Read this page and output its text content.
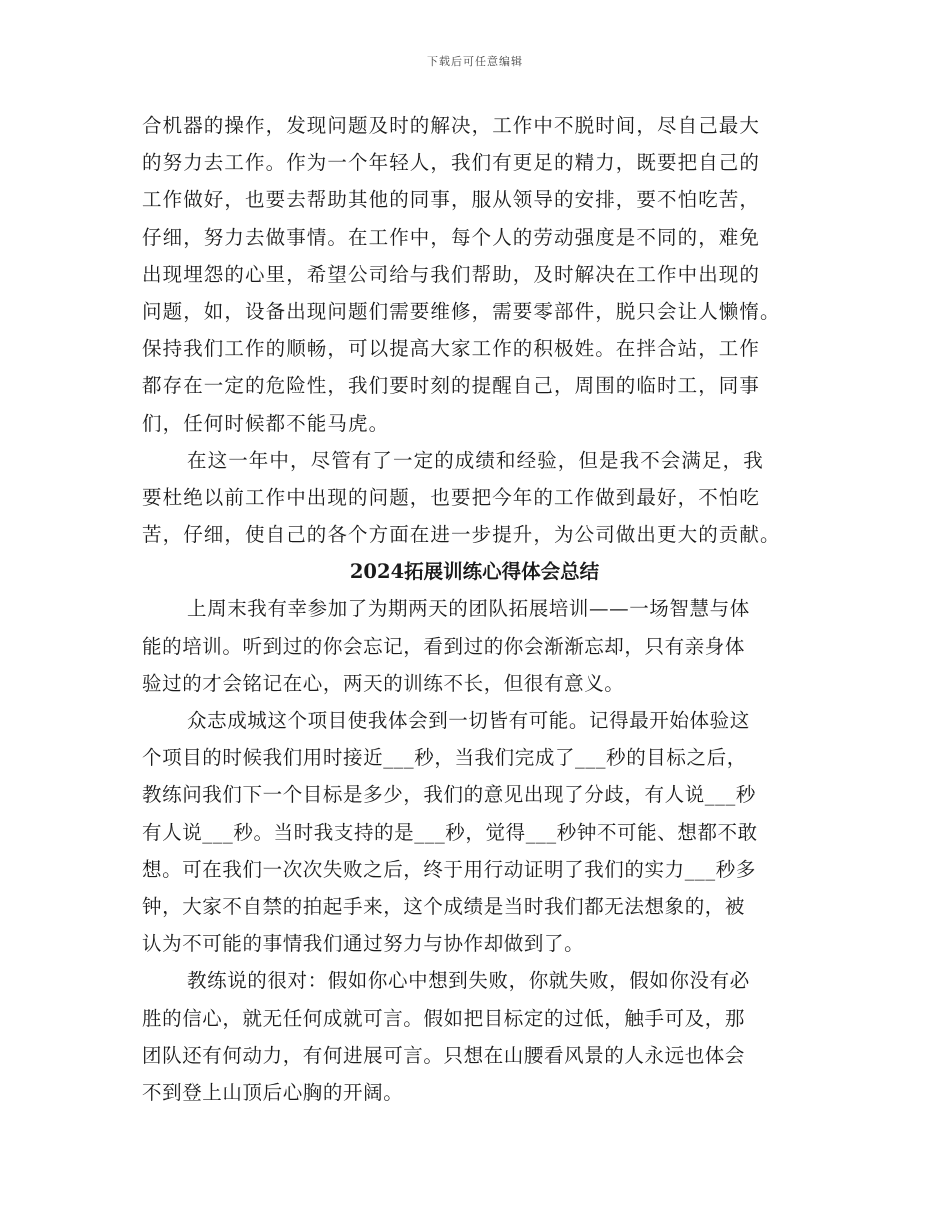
下载后可任意编辑
合机器的操作，发现问题及时的解决，工作中不脱时间，尽自己最大
的努力去工作。作为一个年轻人，我们有更足的精力，既要把自己的
工作做好，也要去帮助其他的同事，服从领导的安排，要不怕吃苦，
仔细，努力去做事情。在工作中，每个人的劳动强度是不同的，难免
出现埋怨的心里，希望公司给与我们帮助，及时解决在工作中出现的
问题，如，设备出现问题们需要维修，需要零部件，脱只会让人懒惰。
保持我们工作的顺畅，可以提高大家工作的积极姓。在拌合站，工作
都存在一定的危险性，我们要时刻的提醒自己，周围的临时工，同事
们，任何时候都不能马虎。
在这一年中，尽管有了一定的成绩和经验，但是我不会满足，我
要杜绝以前工作中出现的问题，也要把今年的工作做到最好，不怕吃
苦，仔细，使自己的各个方面在进一步提升，为公司做出更大的贡献。
2024拓展训练心得体会总结
上周末我有幸参加了为期两天的团队拓展培训——一场智慧与体
能的培训。听到过的你会忘记，看到过的你会渐渐忘却，只有亲身体
验过的才会铭记在心，两天的训练不长，但很有意义。
众志成城这个项目使我体会到一切皆有可能。记得最开始体验这
个项目的时候我们用时接近___秒，当我们完成了___秒的目标之后，
教练问我们下一个目标是多少，我们的意见出现了分歧，有人说___秒
有人说___秒。当时我支持的是___秒，觉得___秒钟不可能、想都不敢
想。可在我们一次次失败之后，终于用行动证明了我们的实力___秒多
钟，大家不自禁的拍起手来，这个成绩是当时我们都无法想象的，被
认为不可能的事情我们通过努力与协作却做到了。
教练说的很对：假如你心中想到失败，你就失败，假如你没有必
胜的信心，就无任何成就可言。假如把目标定的过低，触手可及，那
团队还有何动力，有何进展可言。只想在山腰看风景的人永远也体会
不到登上山顶后心胸的开阔。
